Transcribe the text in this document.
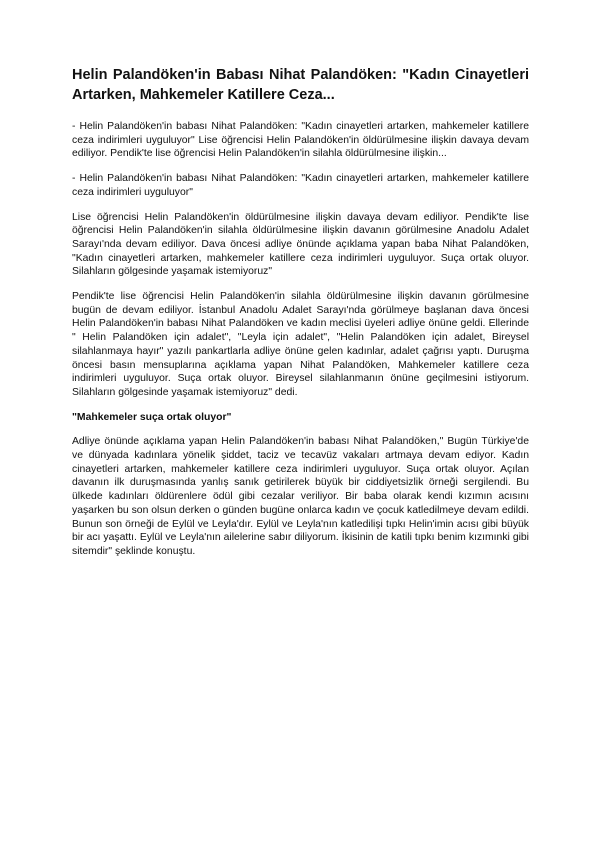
Helin Palandöken'in Babası Nihat Palandöken: "Kadın Cinayetleri Artarken, Mahkemeler Katillere Ceza...
- Helin Palandöken'in babası Nihat Palandöken: "Kadın cinayetleri artarken, mahkemeler katillere ceza indirimleri uyguluyor" Lise öğrencisi Helin Palandöken'in öldürülmesine ilişkin davaya devam ediliyor. Pendik'te lise öğrencisi Helin Palandöken'in silahla öldürülmesine ilişkin...
- Helin Palandöken'in babası Nihat Palandöken: "Kadın cinayetleri artarken, mahkemeler katillere ceza indirimleri uyguluyor"
Lise öğrencisi Helin Palandöken'in öldürülmesine ilişkin davaya devam ediliyor. Pendik'te lise öğrencisi Helin Palandöken'in silahla öldürülmesine ilişkin davanın görülmesine Anadolu Adalet Sarayı'nda devam ediliyor. Dava öncesi adliye önünde açıklama yapan baba Nihat Palandöken, "Kadın cinayetleri artarken, mahkemeler katillere ceza indirimleri uyguluyor. Suça ortak oluyor. Silahların gölgesinde yaşamak istemiyoruz"
Pendik'te lise öğrencisi Helin Palandöken'in silahla öldürülmesine ilişkin davanın görülmesine bugün de devam ediliyor. İstanbul Anadolu Adalet Sarayı'nda görülmeye başlanan dava öncesi Helin Palandöken'in babası Nihat Palandöken ve kadın meclisi üyeleri adliye önüne geldi. Ellerinde " Helin Palandöken için adalet", "Leyla için adalet", "Helin Palandöken için adalet, Bireysel silahlanmaya hayır" yazılı pankartlarla adliye önüne gelen kadınlar, adalet çağrısı yaptı. Duruşma öncesi basın mensuplarına açıklama yapan Nihat Palandöken, Mahkemeler katillere ceza indirimleri uyguluyor. Suça ortak oluyor. Bireysel silahlanmanın önüne geçilmesini istiyorum. Silahların gölgesinde yaşamak istemiyoruz" dedi.
"Mahkemeler suça ortak oluyor"
Adliye önünde açıklama yapan Helin Palandöken'in babası Nihat Palandöken," Bugün Türkiye'de ve dünyada kadınlara yönelik şiddet, taciz ve tecavüz vakaları artmaya devam ediyor. Kadın cinayetleri artarken, mahkemeler katillere ceza indirimleri uyguluyor. Suça ortak oluyor. Açılan davanın ilk duruşmasında yanlış sanık getirilerek büyük bir ciddiyetsizlik örneği sergilendi. Bu ülkede kadınları öldürenlere ödül gibi cezalar veriliyor. Bir baba olarak kendi kızımın acısını yaşarken bu son olsun derken o günden bugüne onlarca kadın ve çocuk katledilmeye devam edildi. Bunun son örneği de Eylül ve Leyla'dır. Eylül ve Leyla'nın katledilişi tıpkı Helin'imin acısı gibi büyük bir acı yaşattı. Eylül ve Leyla'nın ailelerine sabır diliyorum. İkisinin de katili tıpkı benim kızımınki gibi sitemdir" şeklinde konuştu.
